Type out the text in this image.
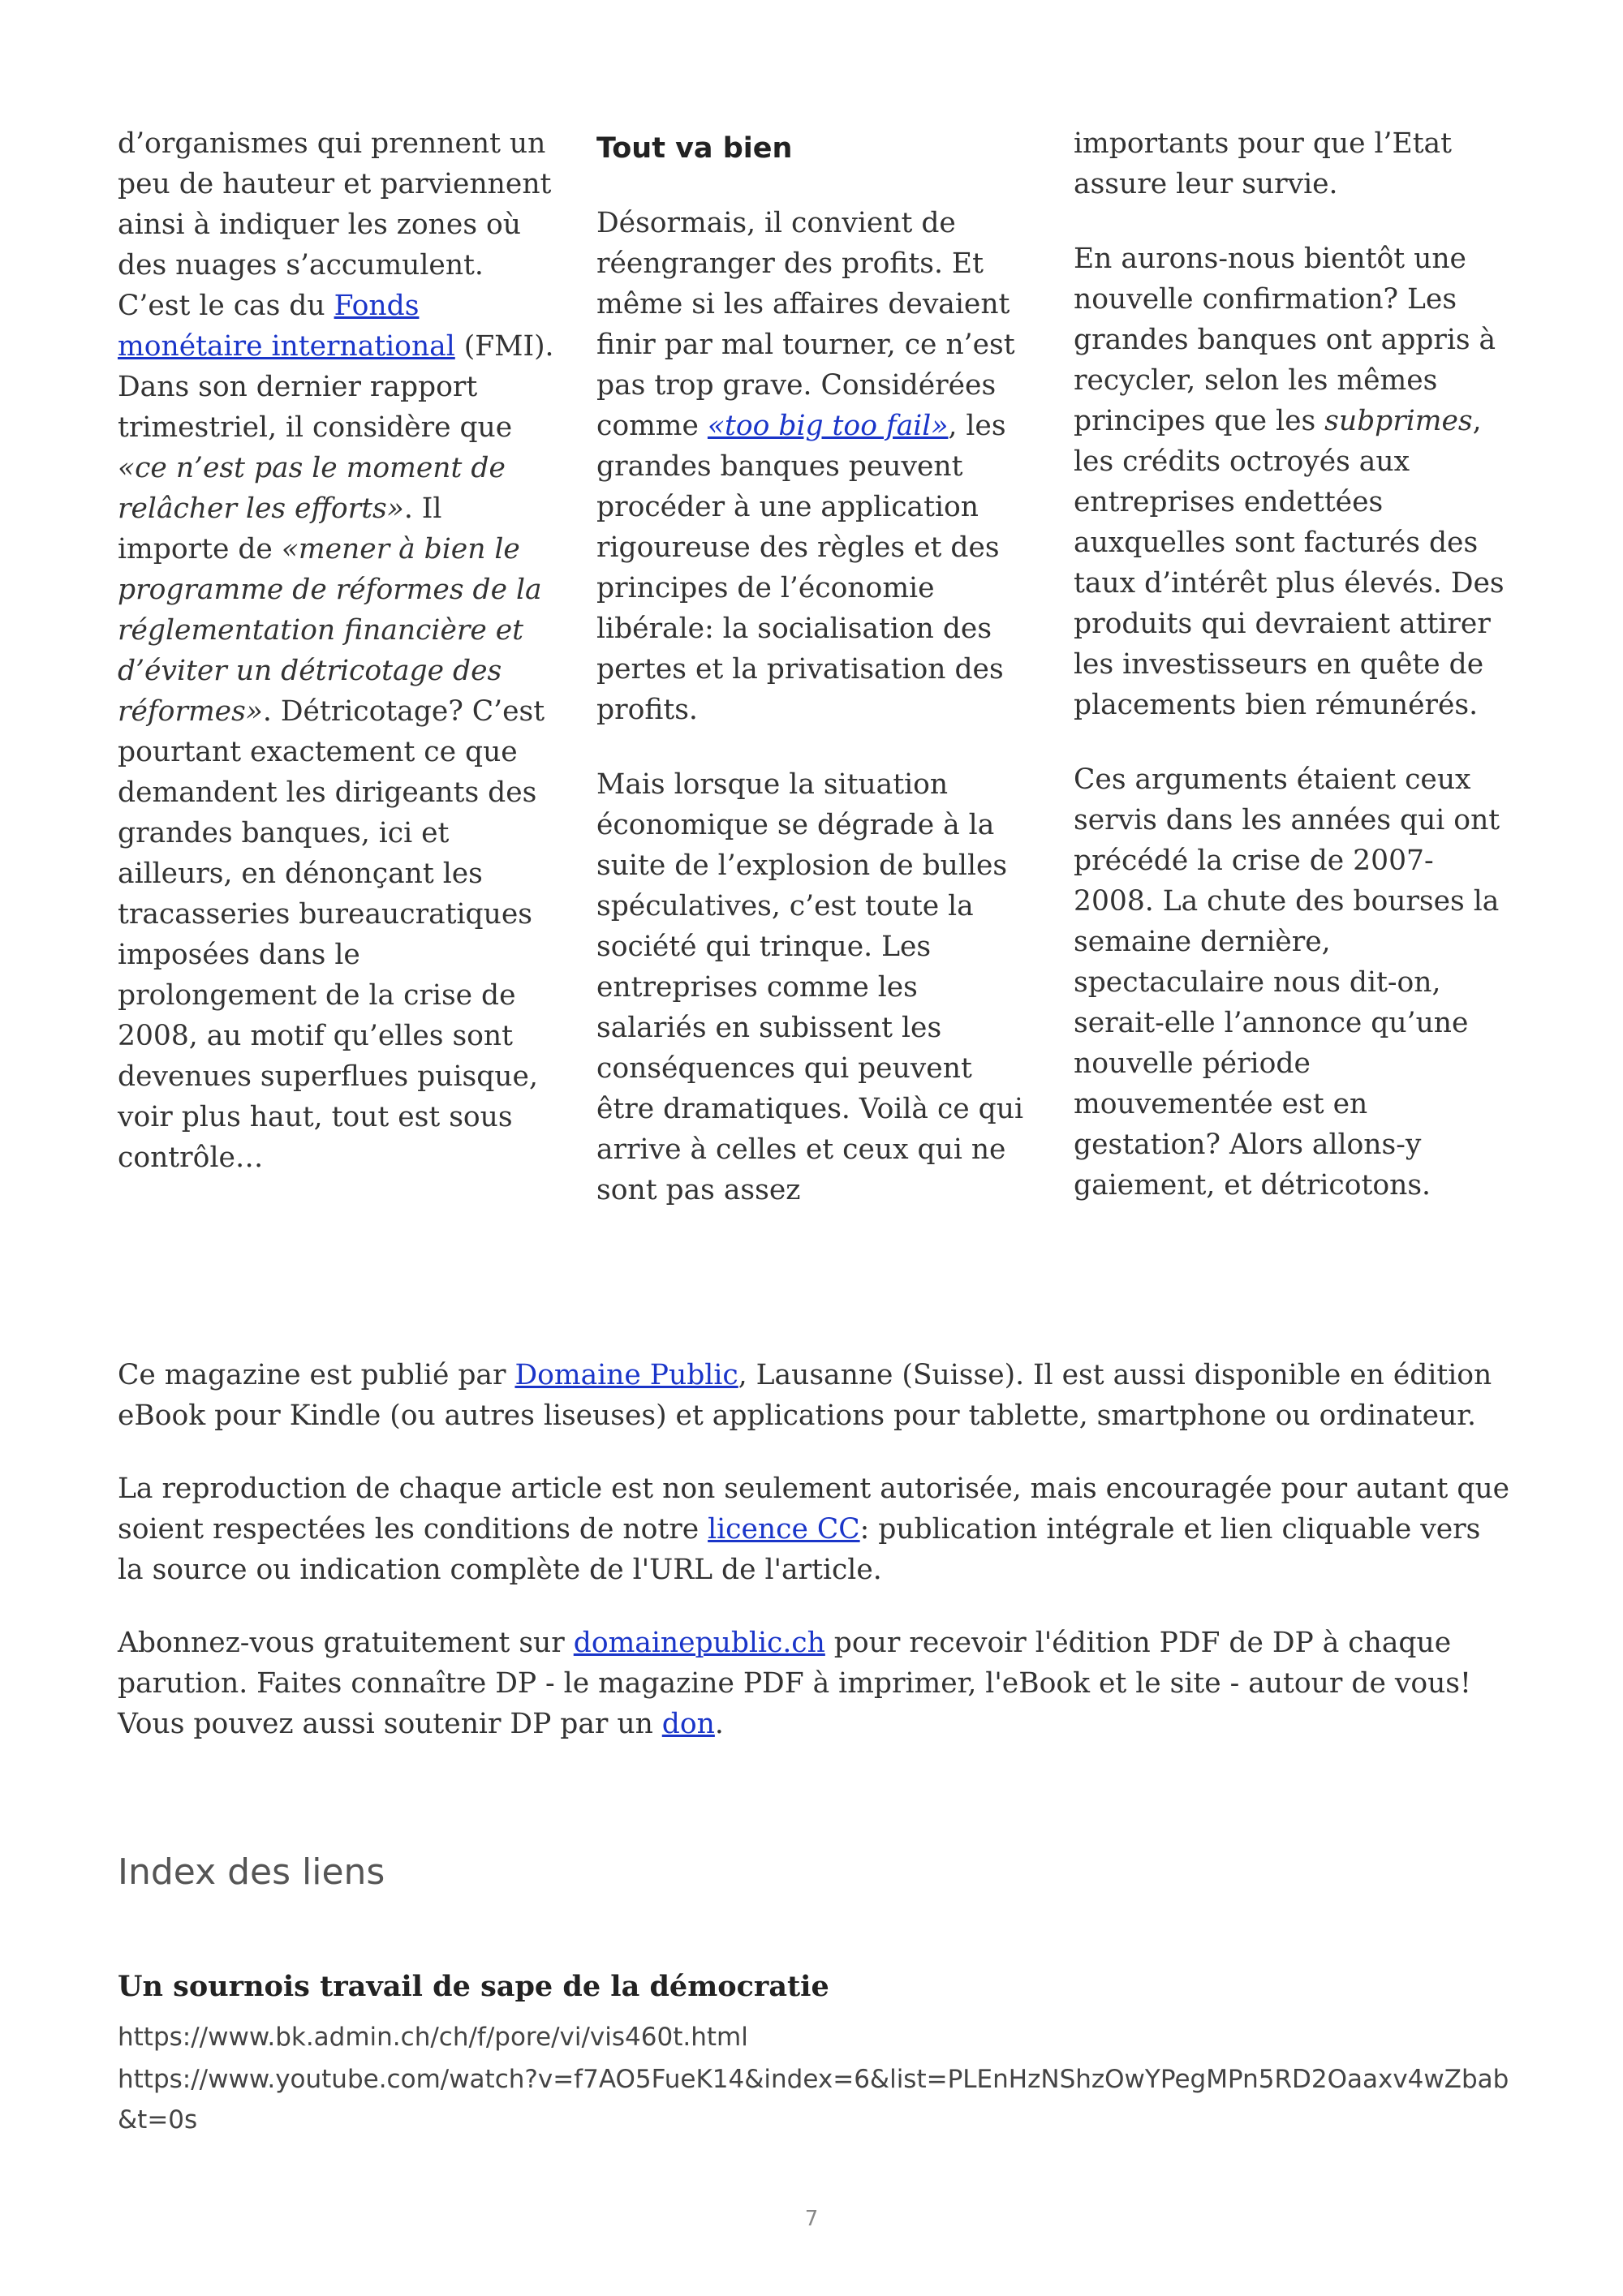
d’organismes qui prennent un peu de hauteur et parviennent ainsi à indiquer les zones où des nuages s’accumulent. C’est le cas du Fonds monétaire international (FMI). Dans son dernier rapport trimestriel, il considère que «ce n’est pas le moment de relâcher les efforts». Il importe de «mener à bien le programme de réformes de la réglementation financière et d’éviter un détricotage des réformes». Détricotage? C’est pourtant exactement ce que demandent les dirigeants des grandes banques, ici et ailleurs, en dénonçant les tracasseries bureaucratiques imposées dans le prolongement de la crise de 2008, au motif qu’elles sont devenues superflues puisque, voir plus haut, tout est sous contrôle…

Tout va bien

Désormais, il convient de réengranger des profits. Et même si les affaires devaient finir par mal tourner, ce n’est pas trop grave. Considérées comme «too big too fail», les grandes banques peuvent procéder à une application rigoureuse des règles et des principes de l’économie libérale: la socialisation des pertes et la privatisation des profits.

Mais lorsque la situation économique se dégrade à la suite de l’explosion de bulles spéculatives, c’est toute la société qui trinque. Les entreprises comme les salariés en subissent les conséquences qui peuvent être dramatiques. Voilà ce qui arrive à celles et ceux qui ne sont pas assez

importants pour que l’Etat assure leur survie.

En aurons-nous bientôt une nouvelle confirmation? Les grandes banques ont appris à recycler, selon les mêmes principes que les subprimes, les crédits octroyés aux entreprises endettées auxquelles sont facturés des taux d’intérêt plus élevés. Des produits qui devraient attirer les investisseurs en quête de placements bien rémunérés.

Ces arguments étaient ceux servis dans les années qui ont précédé la crise de 2007-2008. La chute des bourses la semaine dernière, spectaculaire nous dit-on, serait-elle l’annonce qu’une nouvelle période mouvementée est en gestation? Alors allons-y gaiement, et détricotons.

Ce magazine est publié par Domaine Public, Lausanne (Suisse). Il est aussi disponible en édition eBook pour Kindle (ou autres liseuses) et applications pour tablette, smartphone ou ordinateur.

La reproduction de chaque article est non seulement autorisée, mais encouragée pour autant que soient respectées les conditions de notre licence CC: publication intégrale et lien cliquable vers la source ou indication complète de l'URL de l'article.

Abonnez-vous gratuitement sur domainepublic.ch pour recevoir l'édition PDF de DP à chaque parution. Faites connaître DP - le magazine PDF à imprimer, l'eBook et le site - autour de vous! Vous pouvez aussi soutenir DP par un don.

Index des liens
Un sournois travail de sape de la démocratie
https://www.bk.admin.ch/ch/f/pore/vi/vis460t.html
https://www.youtube.com/watch?v=f7AO5FueK14&index=6&list=PLEnHzNShzOwYPegMPn5RD2Oaaxv4wZbab&t=0s
7
